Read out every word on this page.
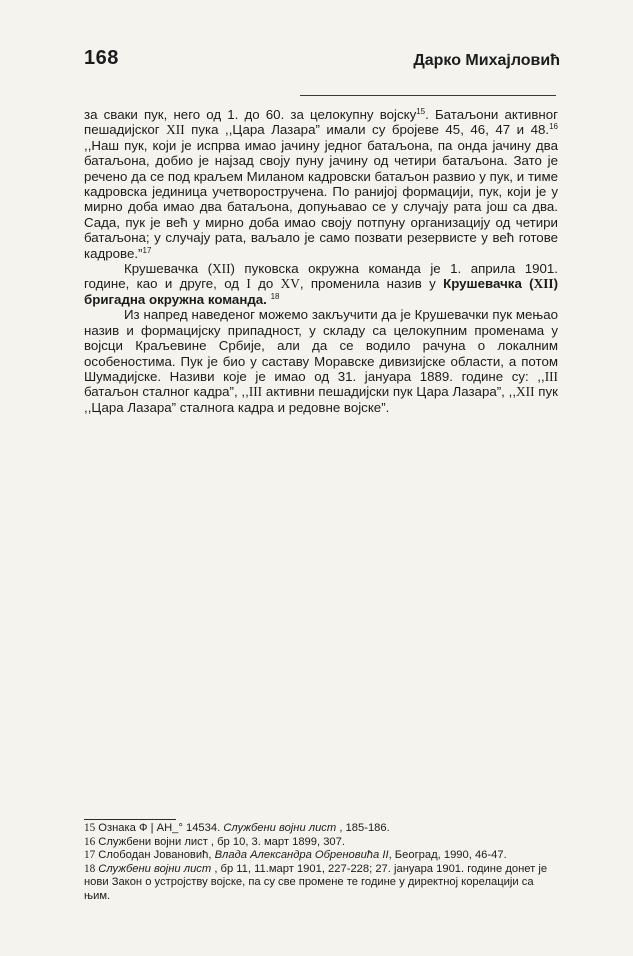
168	Дарко Михајловић

за сваки пук, него од 1. до 60. за целокупну војску$^{15}$. Батаљони активног пешадијског XII пука ,,Цара Лазара” имали су бројеве 45, 46, 47 и 48.16 ,,Наш пук, који је испрва имао јачину једног батаљона, па онда јачину два батаљона, добио је најзад своју пуну јачину од четири батаљона. Зато је речено да се под краљем Миланом кадровски батаљон развио у пук, и тиме кадровска јединица учетворостручена. По ранијој формацији, пук, који је у мирно доба имао два батаљона, допуњавао се у случају рата још са два. Сада, пук је већ у мирно доба имао своју потпуну организацију од четири батаљона; у случају рата, ваљало је само позвати резервисте у већ готове кадрове.”$^{17}$

Крушевачка (XII) пуковска окружна команда је 1. априла 1901. године, као и друге, од I до XV, променила назив у Крушевачка (XII) бригадна окружна команда. $^{18}$

Из напред наведеног можемо закључити да је Крушевачки пук мењао назив и формацијску припадност, у складу са целокупним променама у војсци Краљевине Србије, али да се водило рачуна о локалним особеностима. Пук је био у саставу Моравске дивизијске области, а потом Шумадијске. Називи које је имао од 31. јануара 1889. године су: ,,III батаљон сталног кадра”, ,,III активни пешадијски пук Цара Лазара”, ,,XII пук ,,Цара Лазара” сталнога кадра и редовне војске”.

15 Ознака Ф | АН_° 14534. Службени војни лист , 185-186.

16 Службени војни лист , бр 10, 3. март 1899, 307.

17 Слободан Јовановић, Влада Александра Обреновића II, Београд, 1990, 46-47.

18 Службени војни лист , бр 11, 11.март 1901, 227-228; 27. јануара 1901. године донет је нови Закон о устројству војске, па су све промене те године у директној корелацији са њим.
